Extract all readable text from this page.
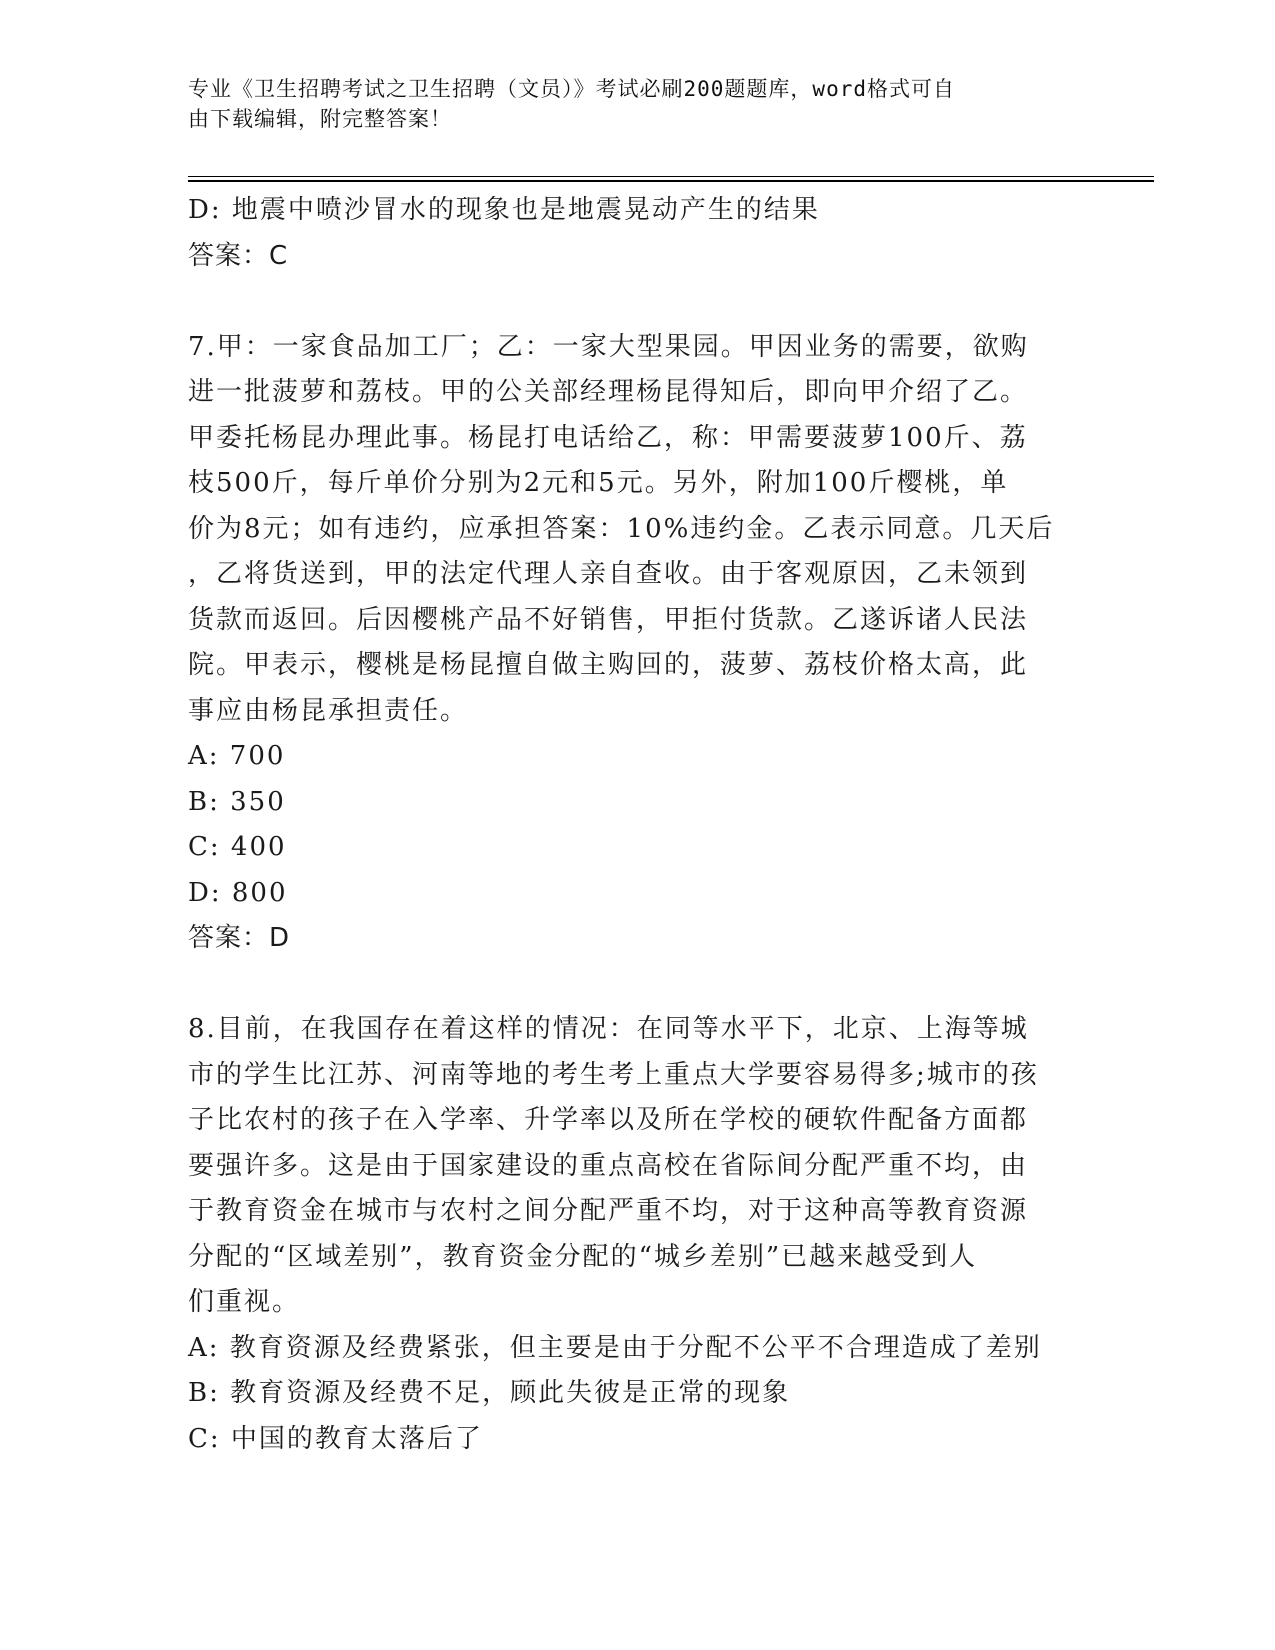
专业《卫生招聘考试之卫生招聘（文员）》考试必刷200题题库，word格式可自
由下载编辑，附完整答案！
D: 地震中喷沙冒水的现象也是地震晃动产生的结果
答案：C
7.甲：一家食品加工厂；乙：一家大型果园。甲因业务的需要，欲购
进一批菠萝和荔枝。甲的公关部经理杨昆得知后，即向甲介绍了乙。
甲委托杨昆办理此事。杨昆打电话给乙，称：甲需要菠萝100斤、荔
枝500斤，每斤单价分别为2元和5元。另外，附加100斤樱桃，单
价为8元；如有违约，应承担答案：10%违约金。乙表示同意。几天后
，乙将货送到，甲的法定代理人亲自查收。由于客观原因，乙未领到
货款而返回。后因樱桃产品不好销售，甲拒付货款。乙遂诉诸人民法
院。甲表示，樱桃是杨昆擅自做主购回的，菠萝、荔枝价格太高，此
事应由杨昆承担责任。
A: 700
B: 350
C: 400
D: 800
答案：D
8.目前，在我国存在着这样的情况：在同等水平下，北京、上海等城
市的学生比江苏、河南等地的考生考上重点大学要容易得多;城市的孩
子比农村的孩子在入学率、升学率以及所在学校的硬软件配备方面都
要强许多。这是由于国家建设的重点高校在省际间分配严重不均，由
于教育资金在城市与农村之间分配严重不均，对于这种高等教育资源
分配的“区域差别”，教育资金分配的“城乡差别”已越来越受到人
们重视。
A: 教育资源及经费紧张，但主要是由于分配不公平不合理造成了差别
B: 教育资源及经费不足，顾此失彼是正常的现象
C: 中国的教育太落后了
